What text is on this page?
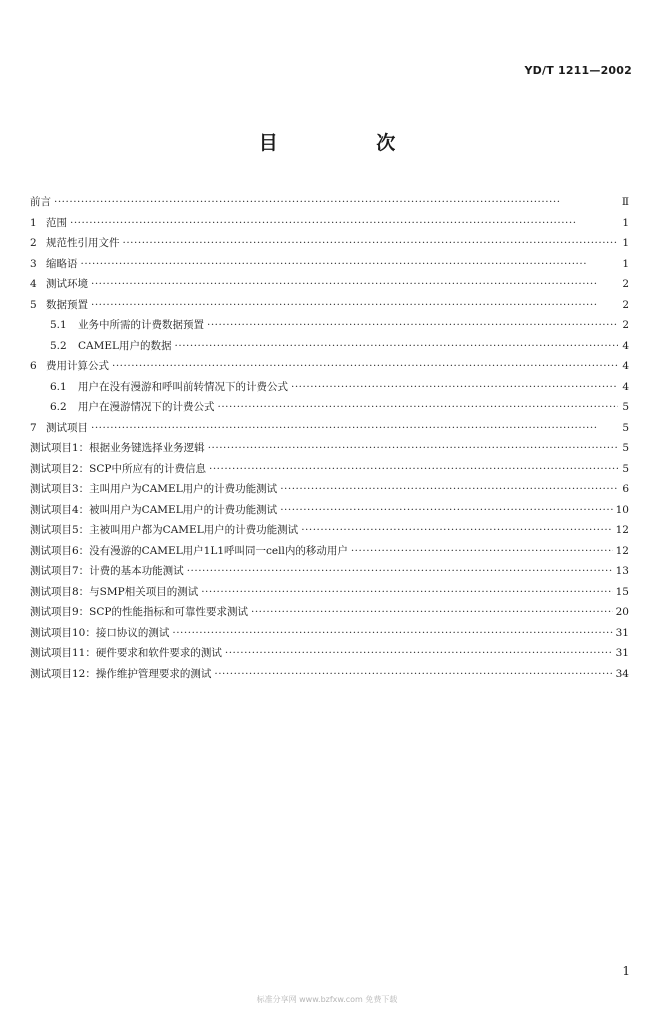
YD/T 1211—2002
目 次
前言 ·····	Ⅱ
1 范围 ·····	1
2 规范性引用文件 ·····	1
3 缩略语 ·····	1
4 测试环境 ·····	2
5 数据预置 ·····	2
5.1	业务中所需的计费数据预置 ·····	2
5.2	CAMEL用户的数据 ·····	4
6 费用计算公式 ·····	4
6.1	用户在没有漫游和呼叫前转情况下的计费公式 ·····	4
6.2	用户在漫游情况下的计费公式 ·····	5
7 测试项目 ·····	5
测试项目1：根据业务键选择业务逻辑 ·····	5
测试项目2：SCP中所应有的计费信息 ·····	5
测试项目3：主叫用户为CAMEL用户的计费功能测试 ·····	6
测试项目4：被叫用户为CAMEL用户的计费功能测试 ·····	10
测试项目5：主被叫用户都为CAMEL用户的计费功能测试 ·····	12
测试项目6：没有漫游的CAMEL用户1L1呼叫同一cell内的移动用户 ·····	12
测试项目7：计费的基本功能测试 ·····	13
测试项目8：与SMP相关项目的测试 ·····	15
测试项目9：SCP的性能指标和可靠性要求测试 ·····	20
测试项目10：接口协议的测试 ·····	31
测试项目11：硬件要求和软件要求的测试 ·····	31
测试项目12：操作维护管理要求的测试 ·····	34
1
标准分享网 www.bzfxw.com 免费下载
